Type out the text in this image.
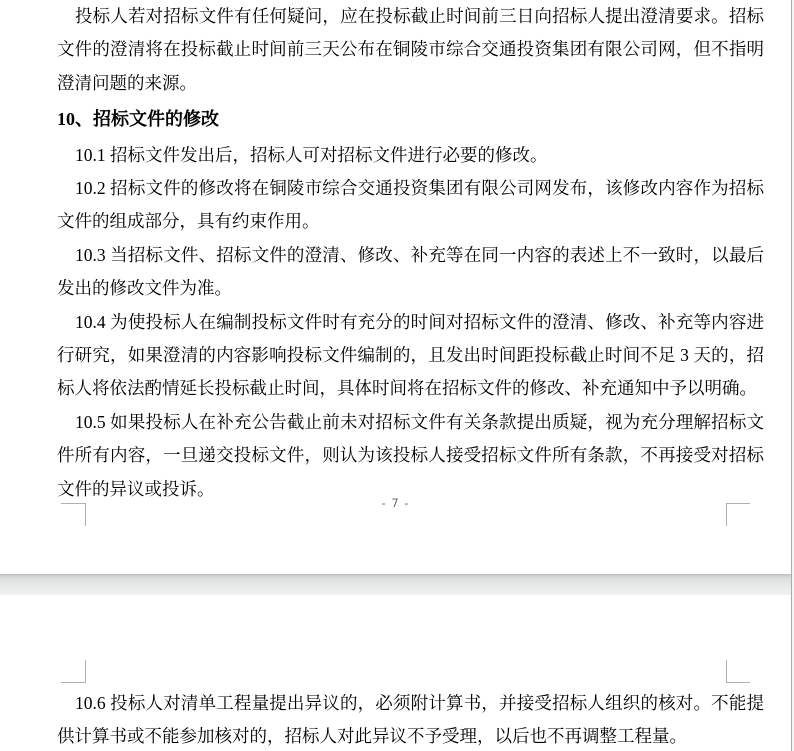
投标人若对招标文件有任何疑问，应在投标截止时间前三日向招标人提出澄清要求。招标文件的澄清将在投标截止时间前三天公布在铜陵市综合交通投资集团有限公司网，但不指明澄清问题的来源。

10、招标文件的修改

10.1 招标文件发出后，招标人可对招标文件进行必要的修改。

10.2 招标文件的修改将在铜陵市综合交通投资集团有限公司网发布，该修改内容作为招标文件的组成部分，具有约束作用。

10.3 当招标文件、招标文件的澄清、修改、补充等在同一内容的表述上不一致时，以最后发出的修改文件为准。

10.4 为使投标人在编制投标文件时有充分的时间对招标文件的澄清、修改、补充等内容进行研究，如果澄清的内容影响投标文件编制的，且发出时间距投标截止时间不足 3 天的，招标人将依法酌情延长投标截止时间，具体时间将在招标文件的修改、补充通知中予以明确。

10.5 如果投标人在补充公告截止前未对招标文件有关条款提出质疑，视为充分理解招标文件所有内容，一旦递交投标文件，则认为该投标人接受招标文件所有条款，不再接受对招标文件的异议或投诉。

- 7 -

10.6 投标人对清单工程量提出异议的，必须附计算书，并接受招标人组织的核对。不能提供计算书或不能参加核对的，招标人对此异议不予受理，以后也不再调整工程量。
